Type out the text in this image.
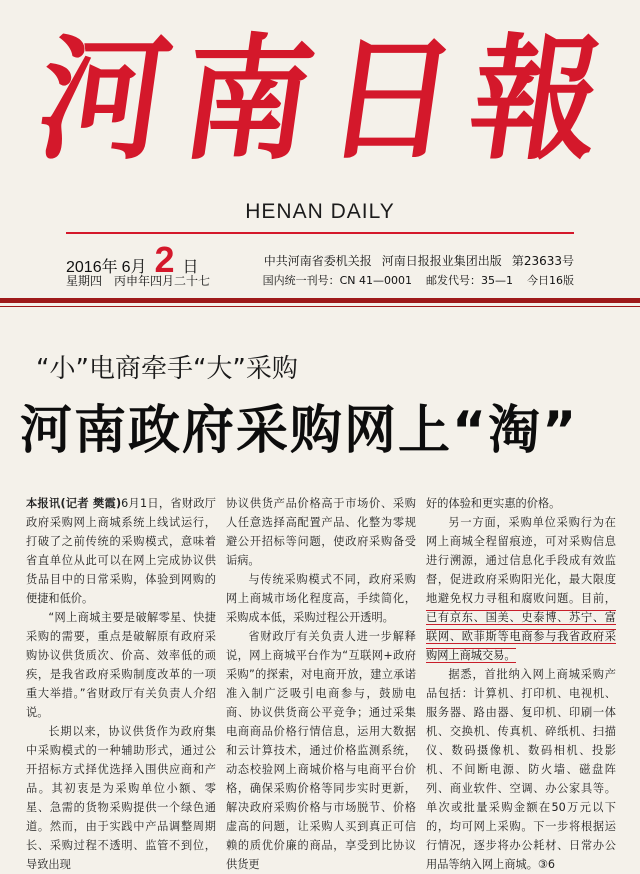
河
南
日
報
HENAN DAILY
2016年 6月 2 日
星期四　丙申年四月二十七
中共河南省委机关报 河南日报报业集团出版 第23633号
国内统一刊号：CN 41—0001 邮发代号：35—1 今日16版
“小”电商牵手“大”采购
河南政府采购网上“淘”

本报讯(记者 樊霞)6月1日，省财政厅政府采购网上商城系统上线试运行，打破了之前传统的采购模式，意味着省直单位从此可以在网上完成协议供货品目中的日常采购，体验到网购的便捷和低价。

“网上商城主要是破解零星、快捷采购的需要，重点是破解原有政府采购协议供货质次、价高、效率低的顽疾，是我省政府采购制度改革的一项重大举措。”省财政厅有关负责人介绍说。

长期以来，协议供货作为政府集中采购模式的一种辅助形式，通过公开招标方式择优选择入围供应商和产品。其初衷是为采购单位小额、零星、急需的货物采购提供一个绿色通道。然而，由于实践中产品调整周期长、采购过程不透明、监管不到位，导致出现

协议供货产品价格高于市场价、采购人任意选择高配置产品、化整为零规避公开招标等问题，使政府采购备受诟病。

与传统采购模式不同，政府采购网上商城市场化程度高，手续简化，采购成本低，采购过程公开透明。

省财政厅有关负责人进一步解释说，网上商城平台作为“互联网+政府采购”的探索，对电商开放，建立承诺准入制广泛吸引电商参与，鼓励电商、协议供货商公平竞争；通过采集电商商品价格行情信息，运用大数据和云计算技术，通过价格监测系统，动态校验网上商城价格与电商平台价格，确保采购价格等同步实时更新，解决政府采购价格与市场脱节、价格虚高的问题，让采购人买到真正可信赖的质优价廉的商品，享受到比协议供货更

好的体验和更实惠的价格。

另一方面，采购单位采购行为在网上商城全程留痕迹，可对采购信息进行溯源，通过信息化手段成有效监督，促进政府采购阳光化，最大限度地避免权力寻租和腐败问题。目前，已有京东、国美、史泰博、苏宁、富联网、欧菲斯等电商参与我省政府采购网上商城交易。

据悉，首批纳入网上商城采购产品包括：计算机、打印机、电视机、服务器、路由器、复印机、印刷一体机、交换机、传真机、碎纸机、扫描仪、数码摄像机、数码相机、投影机、不间断电源、防火墙、磁盘阵列、商业软件、空调、办公家具等。单次或批量采购金额在50万元以下的，均可网上采购。下一步将根据运行情况，逐步将办公耗材、日常办公用品等纳入网上商城。③6
